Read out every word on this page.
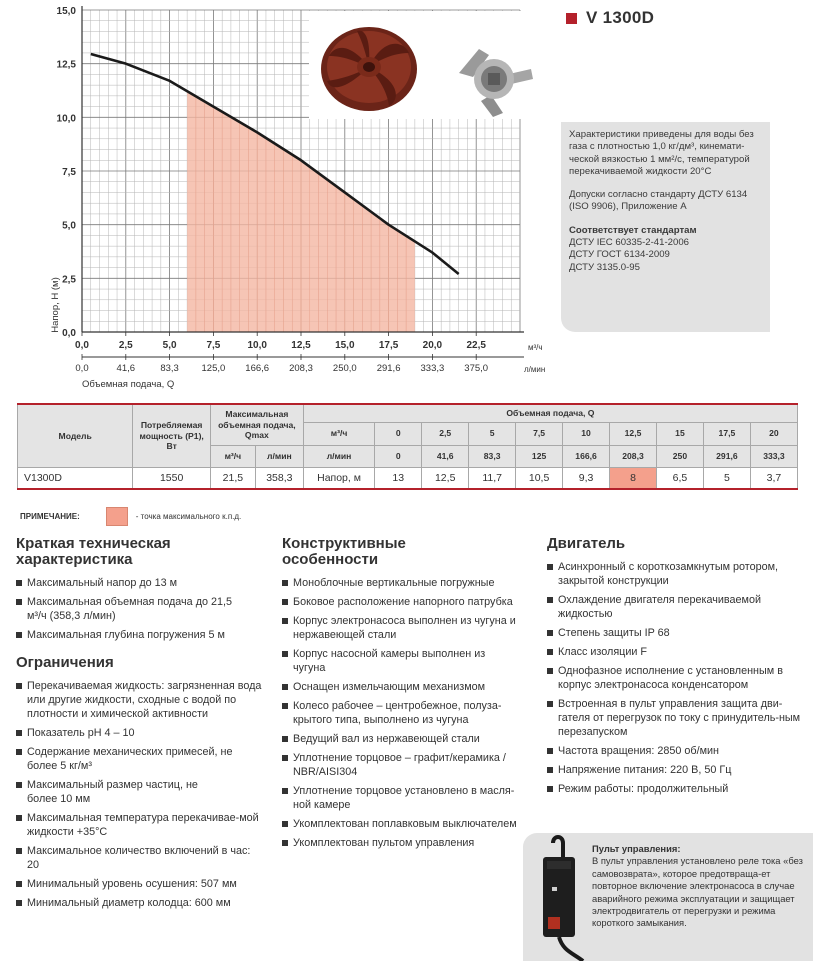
0,0
2,5
5,0
7,5
10,0
12,5
15,0
0,0
0,0
2,5
41,6
5,0
83,3
7,5
125,0
10,0
166,6
12,5
208,3
15,0
250,0
17,5
291,6
20,0
333,3
22,5
375,0
Напор, H (м)
м³/ч
л/мин
Объемная подача, Q
V 1300D

Характеристики приведены для воды без газа с плотностью 1,0 кг/дм³, кинемати-ческой вязкостью 1 мм²/с, температурой перекачиваемой жидкости 20°С

Допуски согласно стандарту ДСТУ 6134 (ISO 9906), Приложение А

Соответствует стандартам
ДСТУ IEC 60335-2-41-2006
ДСТУ ГОСТ 6134-2009
ДСТУ 3135.0-95
Модель	Потребляемая мощность (P1), Вт	Максимальная объемная подача, Qmax		Объемная подача, Q									
				м³/ч	0	2,5	5	7,5	10	12,5	15	17,5	20
		м³/ч	л/мин	л/мин	0	41,6	83,3	125	166,6	208,3	250	291,6	333,3
V1300D	1550	21,5	358,3	Напор, м	13	12,5	11,7	10,5	9,3	8	6,5	5	3,7
ПРИМЕЧАНИЕ:	- точка максимального к.п.д.
Краткая техническая характеристика
Максимальный напор до 13 м
Максимальная объемная подача до 21,5 м³/ч (358,3 л/мин)
Максимальная глубина погружения 5 м
Ограничения
Перекачиваемая жидкость: загрязненная вода или другие жидкости, сходные с водой по плотности и химической активности
Показатель pH 4 – 10
Содержание механических примесей, не более 5 кг/м³
Максимальный размер частиц, не более 10 мм
Максимальная температура перекачивае-мой жидкости +35°С
Максимальное количество включений в час: 20
Минимальный уровень осушения: 507 мм
Минимальный диаметр колодца: 600 мм
Конструктивные особенности
Моноблочные вертикальные погружные
Боковое расположение напорного патрубка
Корпус электронасоса выполнен из чугуна и нержавеющей стали
Корпус насосной камеры выполнен из чугуна
Оснащен измельчающим механизмом
Колесо рабочее – центробежное, полуза-крытого типа, выполнено из чугуна
Ведущий вал из нержавеющей стали
Уплотнение торцовое – графит/керамика / NBR/AISI304
Уплотнение торцовое установлено в масля-ной камере
Укомплектован поплавковым выключателем
Укомплектован пультом управления
Двигатель
Асинхронный с короткозамкнутым ротором, закрытой конструкции
Охлаждение двигателя перекачиваемой жидкостью
Степень защиты IP 68
Класс изоляции F
Однофазное исполнение с установленным в корпус электронасоса конденсатором
Встроенная в пульт управления защита дви-гателя от перегрузок по току с принудитель-ным перезапуском
Частота вращения: 2850 об/мин
Напряжение питания: 220 В, 50 Гц
Режим работы: продолжительный
Пульт управления:
В пульт управления установлено реле тока «без самовозврата», которое предотвраща-ет повторное включение электронасоса в случае аварийного режима эксплуатации и защищает электродвигатель от перегрузки и режима короткого замыкания.
